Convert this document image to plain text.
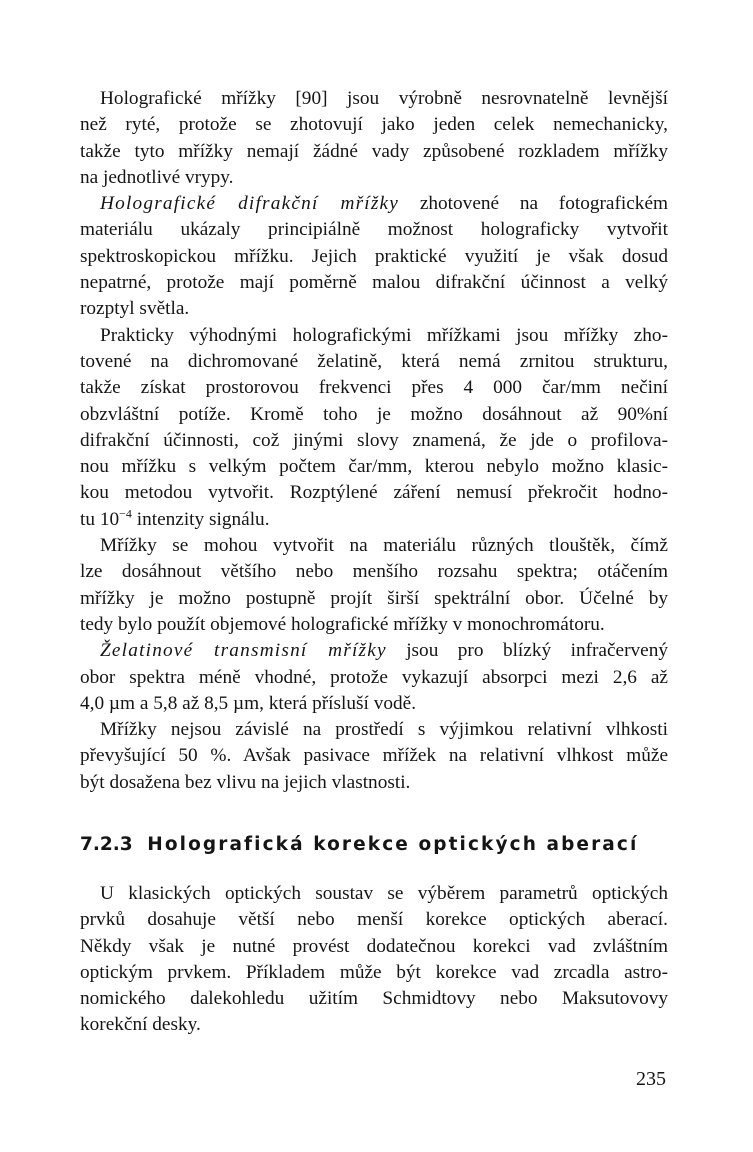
Holografické mřížky [90] jsou výrobně nesrovnatelně levnější
než ryté, protože se zhotovují jako jeden celek nemechanicky,
takže tyto mřížky nemají žádné vady způsobené rozkladem mřížky
na jednotlivé vrypy.
Holografické difrakční mřížky zhotovené na fotografickém
materiálu ukázaly principiálně možnost holograficky vytvořit
spektroskopickou mřížku. Jejich praktické využití je však dosud
nepatrné, protože mají poměrně malou difrakční účinnost a velký
rozptyl světla.
Prakticky výhodnými holografickými mřížkami jsou mřížky zho-
tovené na dichromované želatině, která nemá zrnitou strukturu,
takže získat prostorovou frekvenci přes 4 000 čar/mm nečiní
obzvláštní potíže. Kromě toho je možno dosáhnout až 90%ní
difrakční účinnosti, což jinými slovy znamená, že jde o profilova-
nou mřížku s velkým počtem čar/mm, kterou nebylo možno klasic-
kou metodou vytvořit. Rozptýlené záření nemusí překročit hodno-
tu $10^{-4}$ intenzity signálu.
Mřížky se mohou vytvořit na materiálu různých tlouštěk, čímž
lze dosáhnout většího nebo menšího rozsahu spektra; otáčením
mřížky je možno postupně projít širší spektrální obor. Účelné by
tedy bylo použít objemové holografické mřížky v monochromátoru.
Želatinové transmisní mřížky jsou pro blízký infračervený
obor spektra méně vhodné, protože vykazují absorpci mezi 2,6 až
4,0 µm a 5,8 až 8,5 µm, která přísluší vodě.
Mřížky nejsou závislé na prostředí s výjimkou relativní vlhkosti
převyšující 50 %. Avšak pasivace mřížek na relativní vlhkost může
být dosažena bez vlivu na jejich vlastnosti.
7.2.3 Holografická korekce optických aberací
U klasických optických soustav se výběrem parametrů optických
prvků dosahuje větší nebo menší korekce optických aberací.
Někdy však je nutné provést dodatečnou korekci vad zvláštním
optickým prvkem. Příkladem může být korekce vad zrcadla astro-
nomického dalekohledu užitím Schmidtovy nebo Maksutovovy
korekční desky.
235
